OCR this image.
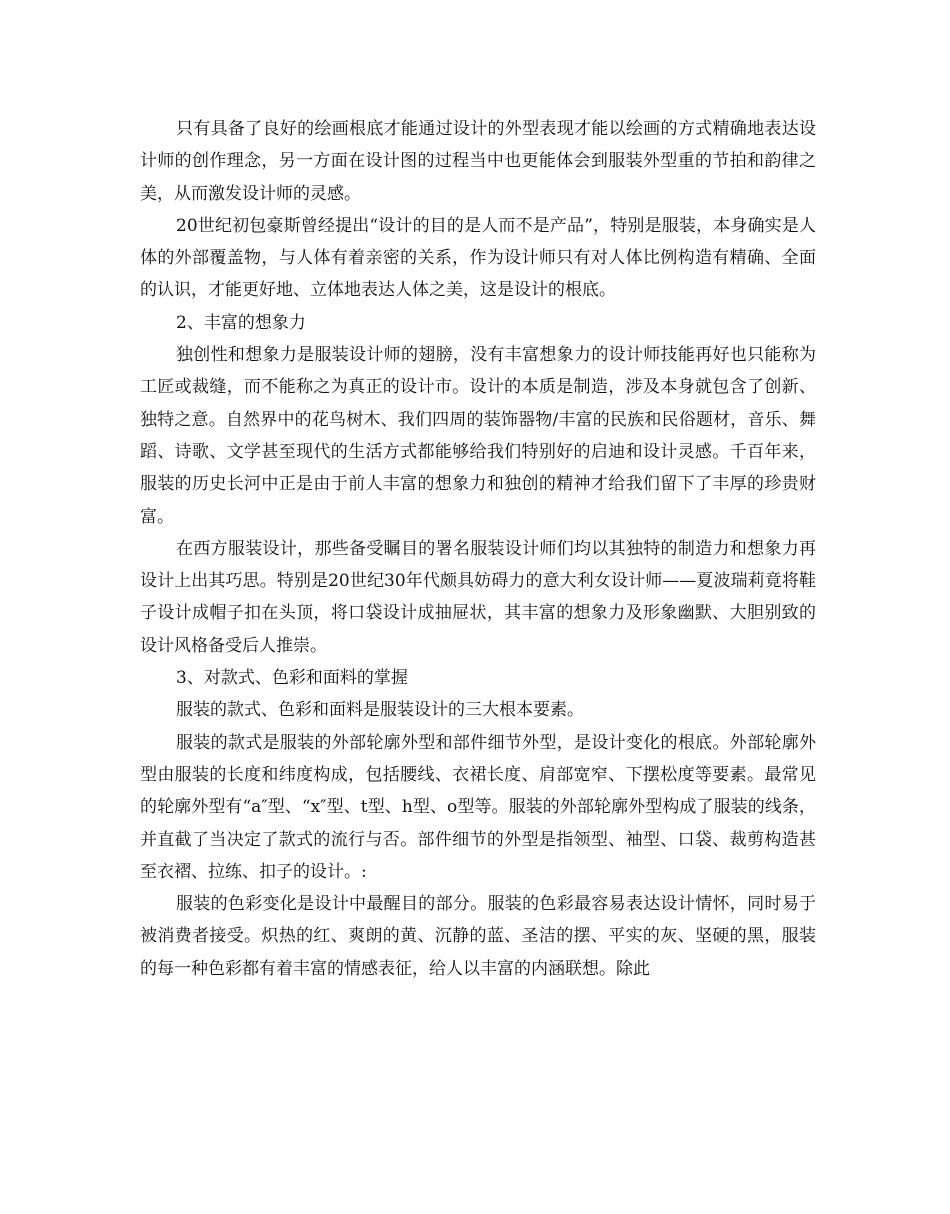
只有具备了良好的绘画根底才能通过设计的外型表现才能以绘画的方式精确地表达设计师的创作理念，另一方面在设计图的过程当中也更能体会到服装外型重的节拍和韵律之美，从而激发设计师的灵感。

20世纪初包豪斯曾经提出“设计的目的是人而不是产品”，特别是服装，本身确实是人体的外部覆盖物，与人体有着亲密的关系，作为设计师只有对人体比例构造有精确、全面的认识，才能更好地、立体地表达人体之美，这是设计的根底。

2、丰富的想象力

独创性和想象力是服装设计师的翅膀，没有丰富想象力的设计师技能再好也只能称为工匠或裁缝，而不能称之为真正的设计市。设计的本质是制造，涉及本身就包含了创新、独特之意。自然界中的花鸟树木、我们四周的装饰器物/丰富的民族和民俗题材，音乐、舞蹈、诗歌、文学甚至现代的生活方式都能够给我们特别好的启迪和设计灵感。千百年来，服装的历史长河中正是由于前人丰富的想象力和独创的精神才给我们留下了丰厚的珍贵财富。

在西方服装设计，那些备受瞩目的署名服装设计师们均以其独特的制造力和想象力再设计上出其巧思。特别是20世纪30年代颇具妨碍力的意大利女设计师——夏波瑞莉竟将鞋子设计成帽子扣在头顶，将口袋设计成抽屉状，其丰富的想象力及形象幽默、大胆别致的设计风格备受后人推崇。

3、对款式、色彩和面料的掌握

服装的款式、色彩和面料是服装设计的三大根本要素。

服装的款式是服装的外部轮廓外型和部件细节外型，是设计变化的根底。外部轮廓外型由服装的长度和纬度构成，包括腰线、衣裙长度、肩部宽窄、下摆松度等要素。最常见的轮廓外型有“a″型、“x″型、t型、h型、o型等。服装的外部轮廓外型构成了服装的线条，并直截了当决定了款式的流行与否。部件细节的外型是指领型、袖型、口袋、裁剪构造甚至衣褶、拉练、扣子的设计。:

服装的色彩变化是设计中最醒目的部分。服装的色彩最容易表达设计情怀，同时易于被消费者接受。炽热的红、爽朗的黄、沉静的蓝、圣洁的摆、平实的灰、坚硬的黑，服装的每一种色彩都有着丰富的情感表征，给人以丰富的内涵联想。除此
